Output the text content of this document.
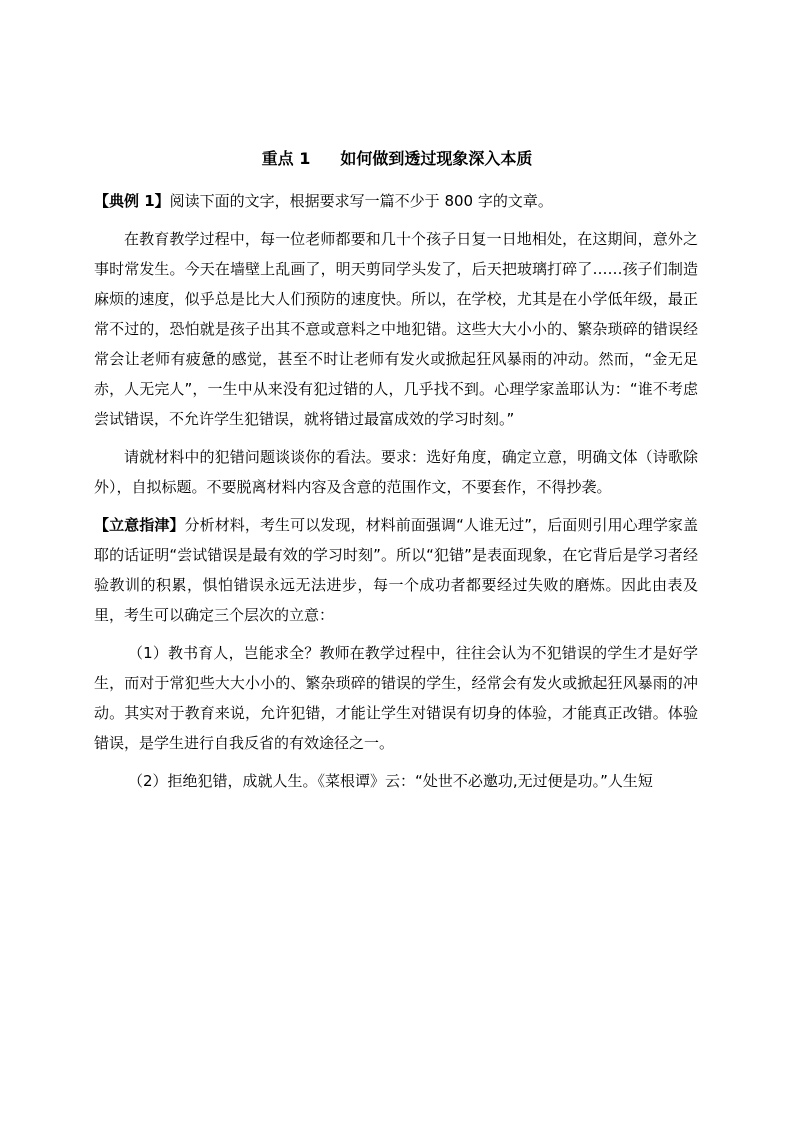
重点 1 如何做到透过现象深入本质

【典例 1】阅读下面的文字，根据要求写一篇不少于 800 字的文章。

在教育教学过程中，每一位老师都要和几十个孩子日复一日地相处，在这期间，意外之事时常发生。今天在墙壁上乱画了，明天剪同学头发了，后天把玻璃打碎了……孩子们制造麻烦的速度，似乎总是比大人们预防的速度快。所以，在学校，尤其是在小学低年级，最正常不过的，恐怕就是孩子出其不意或意料之中地犯错。这些大大小小的、繁杂琐碎的错误经常会让老师有疲惫的感觉，甚至不时让老师有发火或掀起狂风暴雨的冲动。然而，“金无足赤，人无完人”，一生中从来没有犯过错的人，几乎找不到。心理学家盖耶认为：“谁不考虑尝试错误，不允许学生犯错误，就将错过最富成效的学习时刻。”

请就材料中的犯错问题谈谈你的看法。要求：选好角度，确定立意，明确文体（诗歌除外），自拟标题。不要脱离材料内容及含意的范围作文，不要套作，不得抄袭。

【立意指津】分析材料，考生可以发现，材料前面强调“人谁无过”，后面则引用心理学家盖耶的话证明“尝试错误是最有效的学习时刻”。所以“犯错”是表面现象，在它背后是学习者经验教训的积累，惧怕错误永远无法进步，每一个成功者都要经过失败的磨炼。因此由表及里，考生可以确定三个层次的立意：

（1）教书育人，岂能求全？教师在教学过程中，往往会认为不犯错误的学生才是好学生，而对于常犯些大大小小的、繁杂琐碎的错误的学生，经常会有发火或掀起狂风暴雨的冲动。其实对于教育来说，允许犯错，才能让学生对错误有切身的体验，才能真正改错。体验错误，是学生进行自我反省的有效途径之一。

（2）拒绝犯错，成就人生。《菜根谭》云：“处世不必邀功,无过便是功。”人生短
